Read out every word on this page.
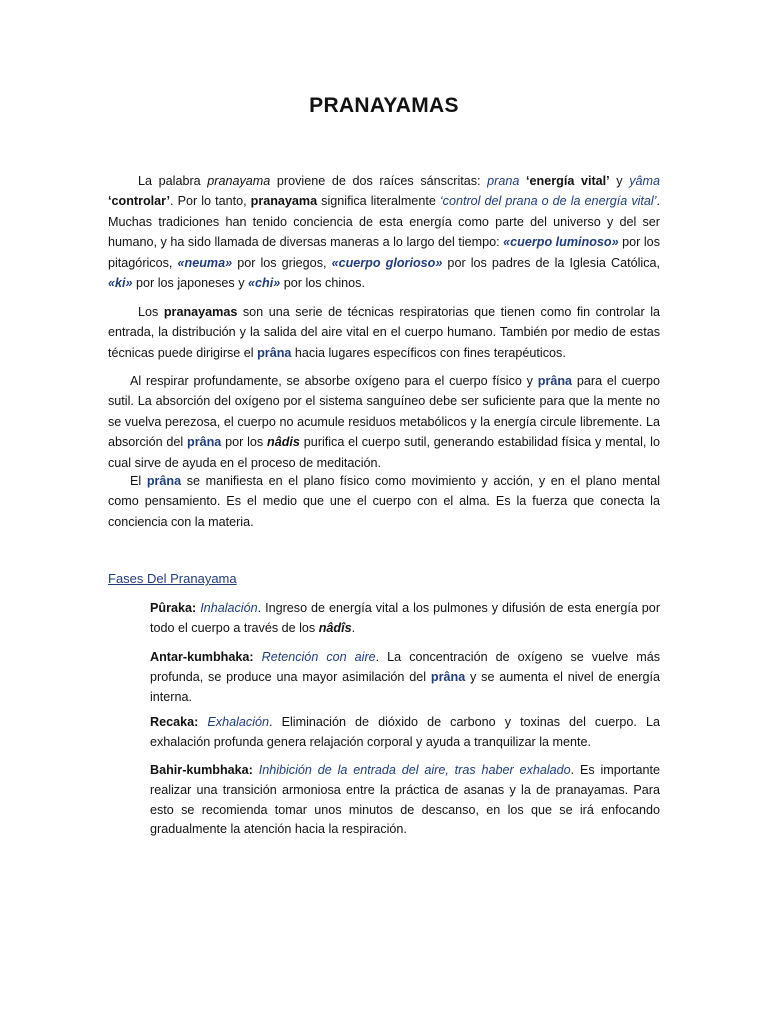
PRANAYAMAS

La palabra pranayama proviene de dos raíces sánscritas: prana ‘energía vital’ y yâma ‘controlar’. Por lo tanto, pranayama significa literalmente ‘control del prana o de la energía vital’. Muchas tradiciones han tenido conciencia de esta energía como parte del universo y del ser humano, y ha sido llamada de diversas maneras a lo largo del tiempo: «cuerpo luminoso» por los pitagóricos, «neuma» por los griegos, «cuerpo glorioso» por los padres de la Iglesia Católica, «ki» por los japoneses y «chi» por los chinos.

Los pranayamas son una serie de técnicas respiratorias que tienen como fin controlar la entrada, la distribución y la salida del aire vital en el cuerpo humano. También por medio de estas técnicas puede dirigirse el prâna hacia lugares específicos con fines terapéuticos.

Al respirar profundamente, se absorbe oxígeno para el cuerpo físico y prâna para el cuerpo sutil. La absorción del oxígeno por el sistema sanguíneo debe ser suficiente para que la mente no se vuelva perezosa, el cuerpo no acumule residuos metabólicos y la energía circule libremente. La absorción del prâna por los nâdis purifica el cuerpo sutil, generando estabilidad física y mental, lo cual sirve de ayuda en el proceso de meditación.

El prâna se manifiesta en el plano físico como movimiento y acción, y en el plano mental como pensamiento. Es el medio que une el cuerpo con el alma. Es la fuerza que conecta la conciencia con la materia.

Fases Del Pranayama

Pûraka: Inhalación. Ingreso de energía vital a los pulmones y difusión de esta energía por todo el cuerpo a través de los nâdîs.

Antar-kumbhaka: Retención con aire. La concentración de oxígeno se vuelve más profunda, se produce una mayor asimilación del prâna y se aumenta el nivel de energía interna.

Recaka: Exhalación. Eliminación de dióxido de carbono y toxinas del cuerpo. La exhalación profunda genera relajación corporal y ayuda a tranquilizar la mente.

Bahir-kumbhaka: Inhibición de la entrada del aire, tras haber exhalado. Es importante realizar una transición armoniosa entre la práctica de asanas y la de pranayamas. Para esto se recomienda tomar unos minutos de descanso, en los que se irá enfocando gradualmente la atención hacia la respiración.
